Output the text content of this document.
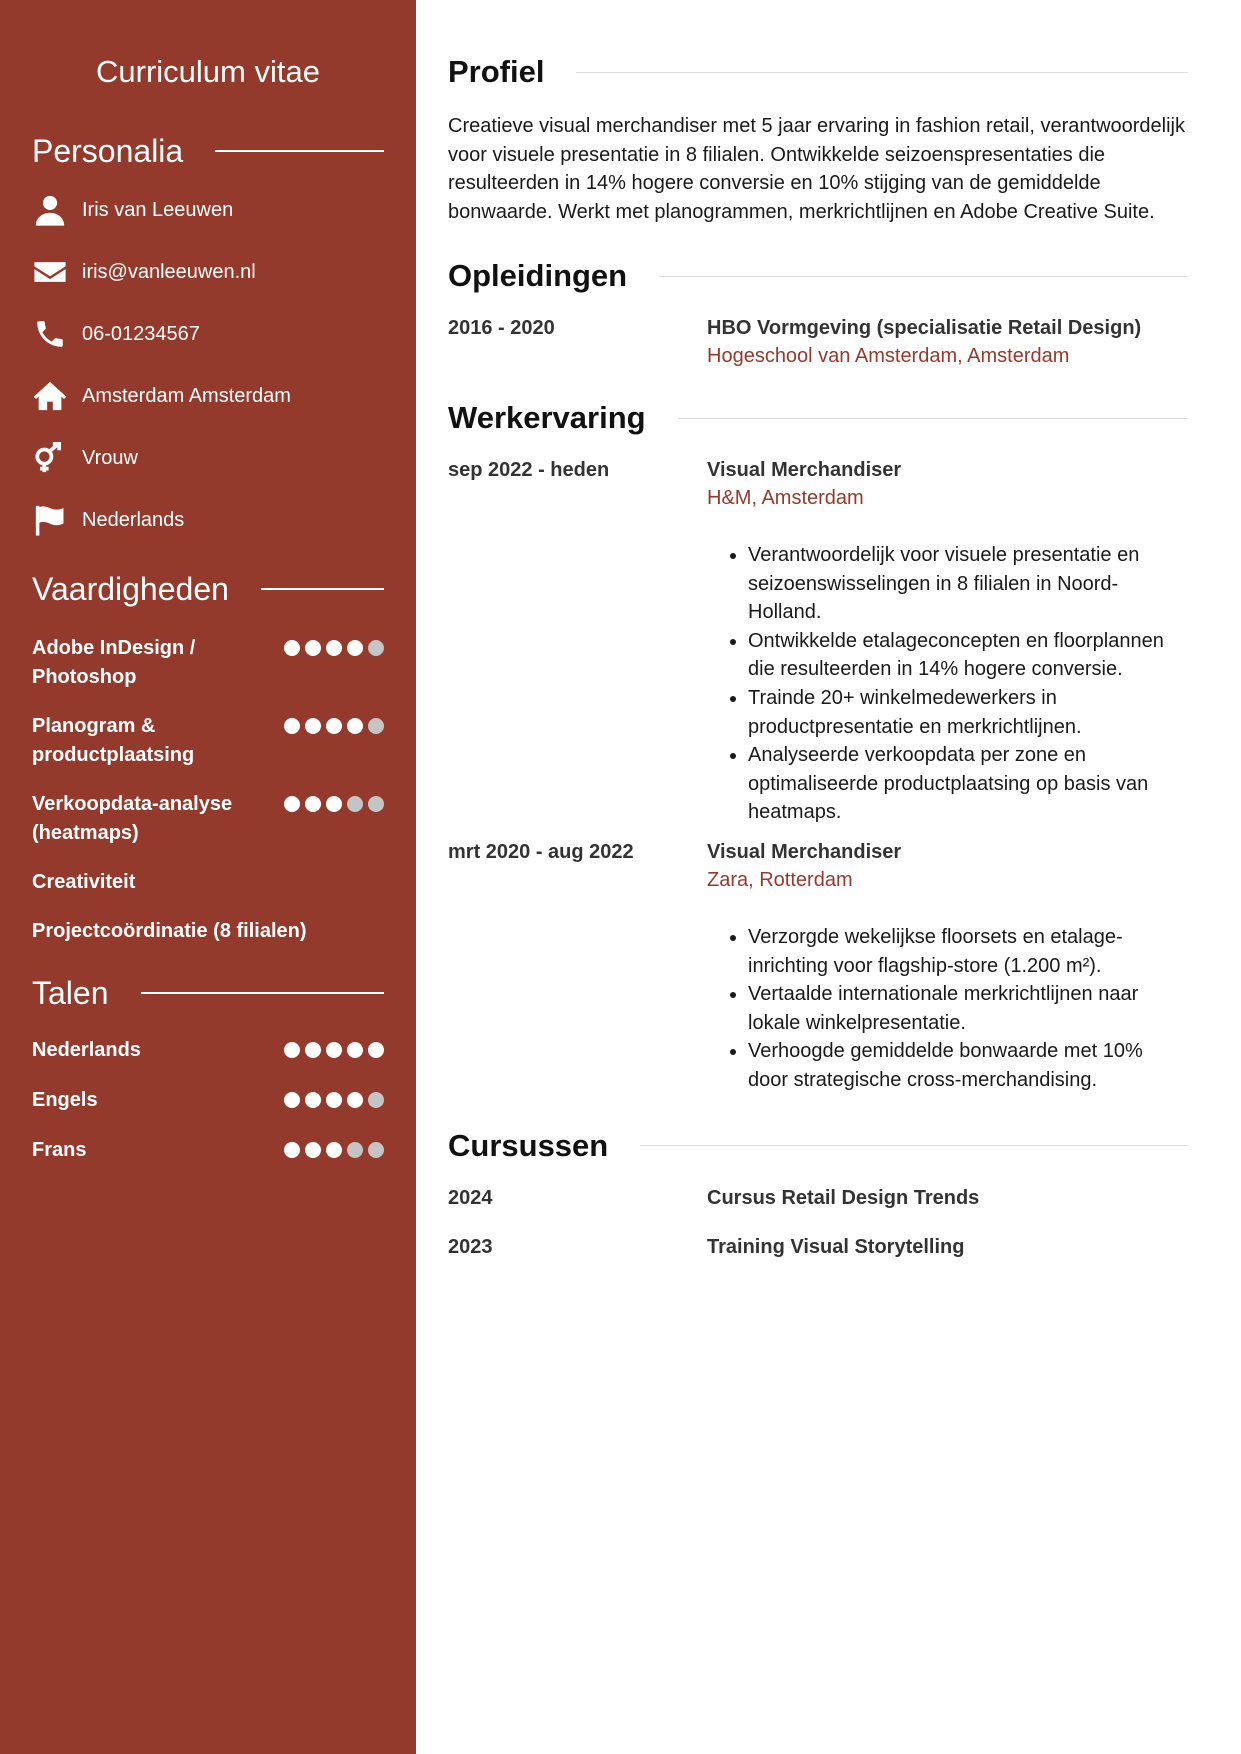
Curriculum vitae
Personalia
Iris van Leeuwen
iris@vanleeuwen.nl
06-01234567
Amsterdam Amsterdam
Vrouw
Nederlands
Vaardigheden
Adobe InDesign / Photoshop
Planogram & productplaatsing
Verkoopdata-analyse (heatmaps)
Creativiteit
Projectcoördinatie (8 filialen)
Talen
Nederlands
Engels
Frans
Profiel
Creatieve visual merchandiser met 5 jaar ervaring in fashion retail, verantwoordelijk voor visuele presentatie in 8 filialen. Ontwikkelde seizoenspresentaties die resulteerden in 14% hogere conversie en 10% stijging van de gemiddelde bonwaarde. Werkt met planogrammen, merkrichtlijnen en Adobe Creative Suite.
Opleidingen
2016 - 2020	HBO Vormgeving (specialisatie Retail Design)
Hogeschool van Amsterdam, Amsterdam
Werkervaring
sep 2022 - heden	Visual Merchandiser
H&M, Amsterdam
• Verantwoordelijk voor visuele presentatie en seizoenswisselingen in 8 filialen in Noord-Holland.
• Ontwikkelde etalageconcepten en floorplannen die resulteerden in 14% hogere conversie.
• Trainde 20+ winkelmedewerkers in productpresentatie en merkrichtlijnen.
• Analyseerde verkoopdata per zone en optimaliseerde productplaatsing op basis van heatmaps.
mrt 2020 - aug 2022	Visual Merchandiser
Zara, Rotterdam
• Verzorgde wekelijkse floorsets en etalage-inrichting voor flagship-store (1.200 m²).
• Vertaalde internationale merkrichtlijnen naar lokale winkelpresentatie.
• Verhoogde gemiddelde bonwaarde met 10% door strategische cross-merchandising.
Cursussen
2024	Cursus Retail Design Trends
2023	Training Visual Storytelling
